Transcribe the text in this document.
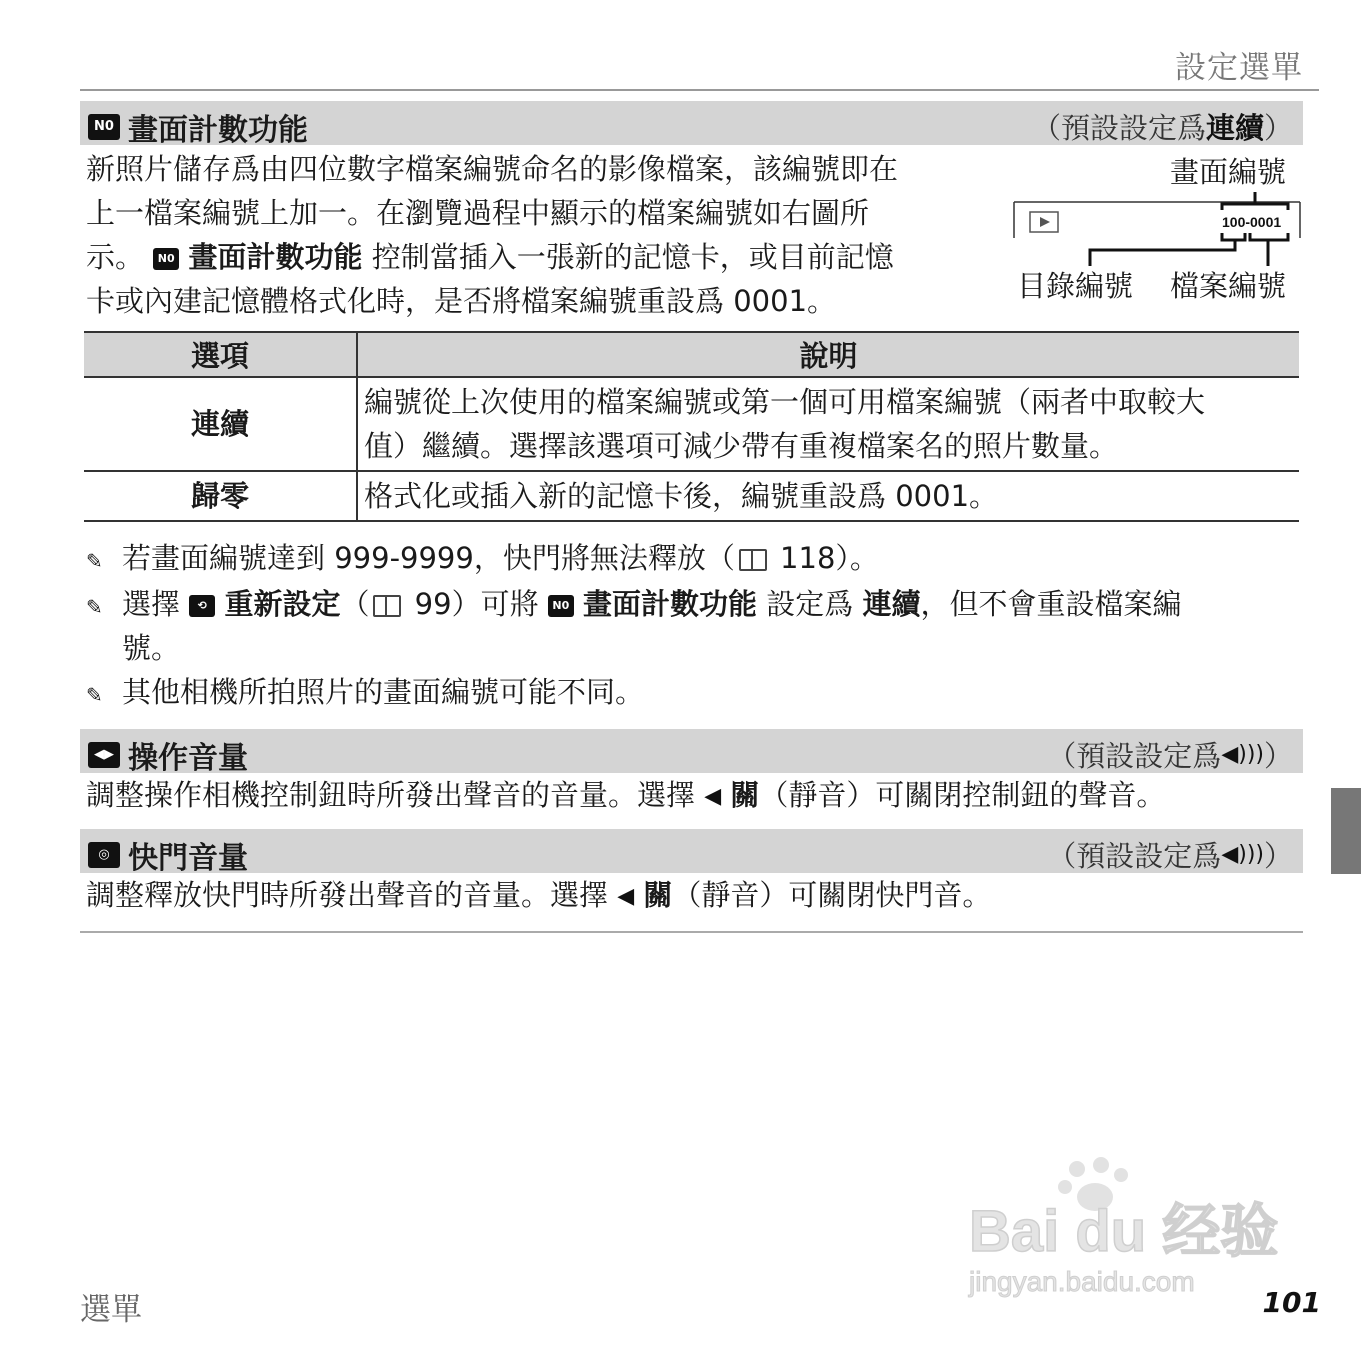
設定選單
N0 畫面計數功能	（預設設定爲 連續 ）
新照片儲存爲由四位數字檔案編號命名的影像檔案，該編號即在
上一檔案編號上加一。在瀏覽過程中顯示的檔案編號如右圖所
示。 N0 畫面計數功能 控制當插入一張新的記憶卡，或目前記憶
卡或內建記憶體格式化時，是否將檔案編號重設爲 0001。
畫面編號
100-0001
目錄編號 檔案編號
選項	說明
連續	編號從上次使用的檔案編號或第一個可用檔案編號（兩者中取較大
值）繼續。選擇該選項可減少帶有重複檔案名的照片數量。

歸零	格式化或插入新的記憶卡後，編號重設爲 0001。
✎ 若畫面編號達到 999-9999，快門將無法釋放（ 118）。
✎ 選擇 ⟲ 重新設定（ 99）可將 N0 畫面計數功能 設定爲 連續，但不會重設檔案編
號。
✎ 其他相機所拍照片的畫面編號可能不同。
◀▶ 操作音量	（預設設定爲 ◀))) ）
調整操作相機控制鈕時所發出聲音的音量。選擇 ◀ 關（靜音）可關閉控制鈕的聲音。
◎ 快門音量	（預設設定爲 ◀))) ）
調整釋放快門時所發出聲音的音量。選擇 ◀ 關（靜音）可關閉快門音。
Bai du 经验
jingyan.baidu.com
選單	101
